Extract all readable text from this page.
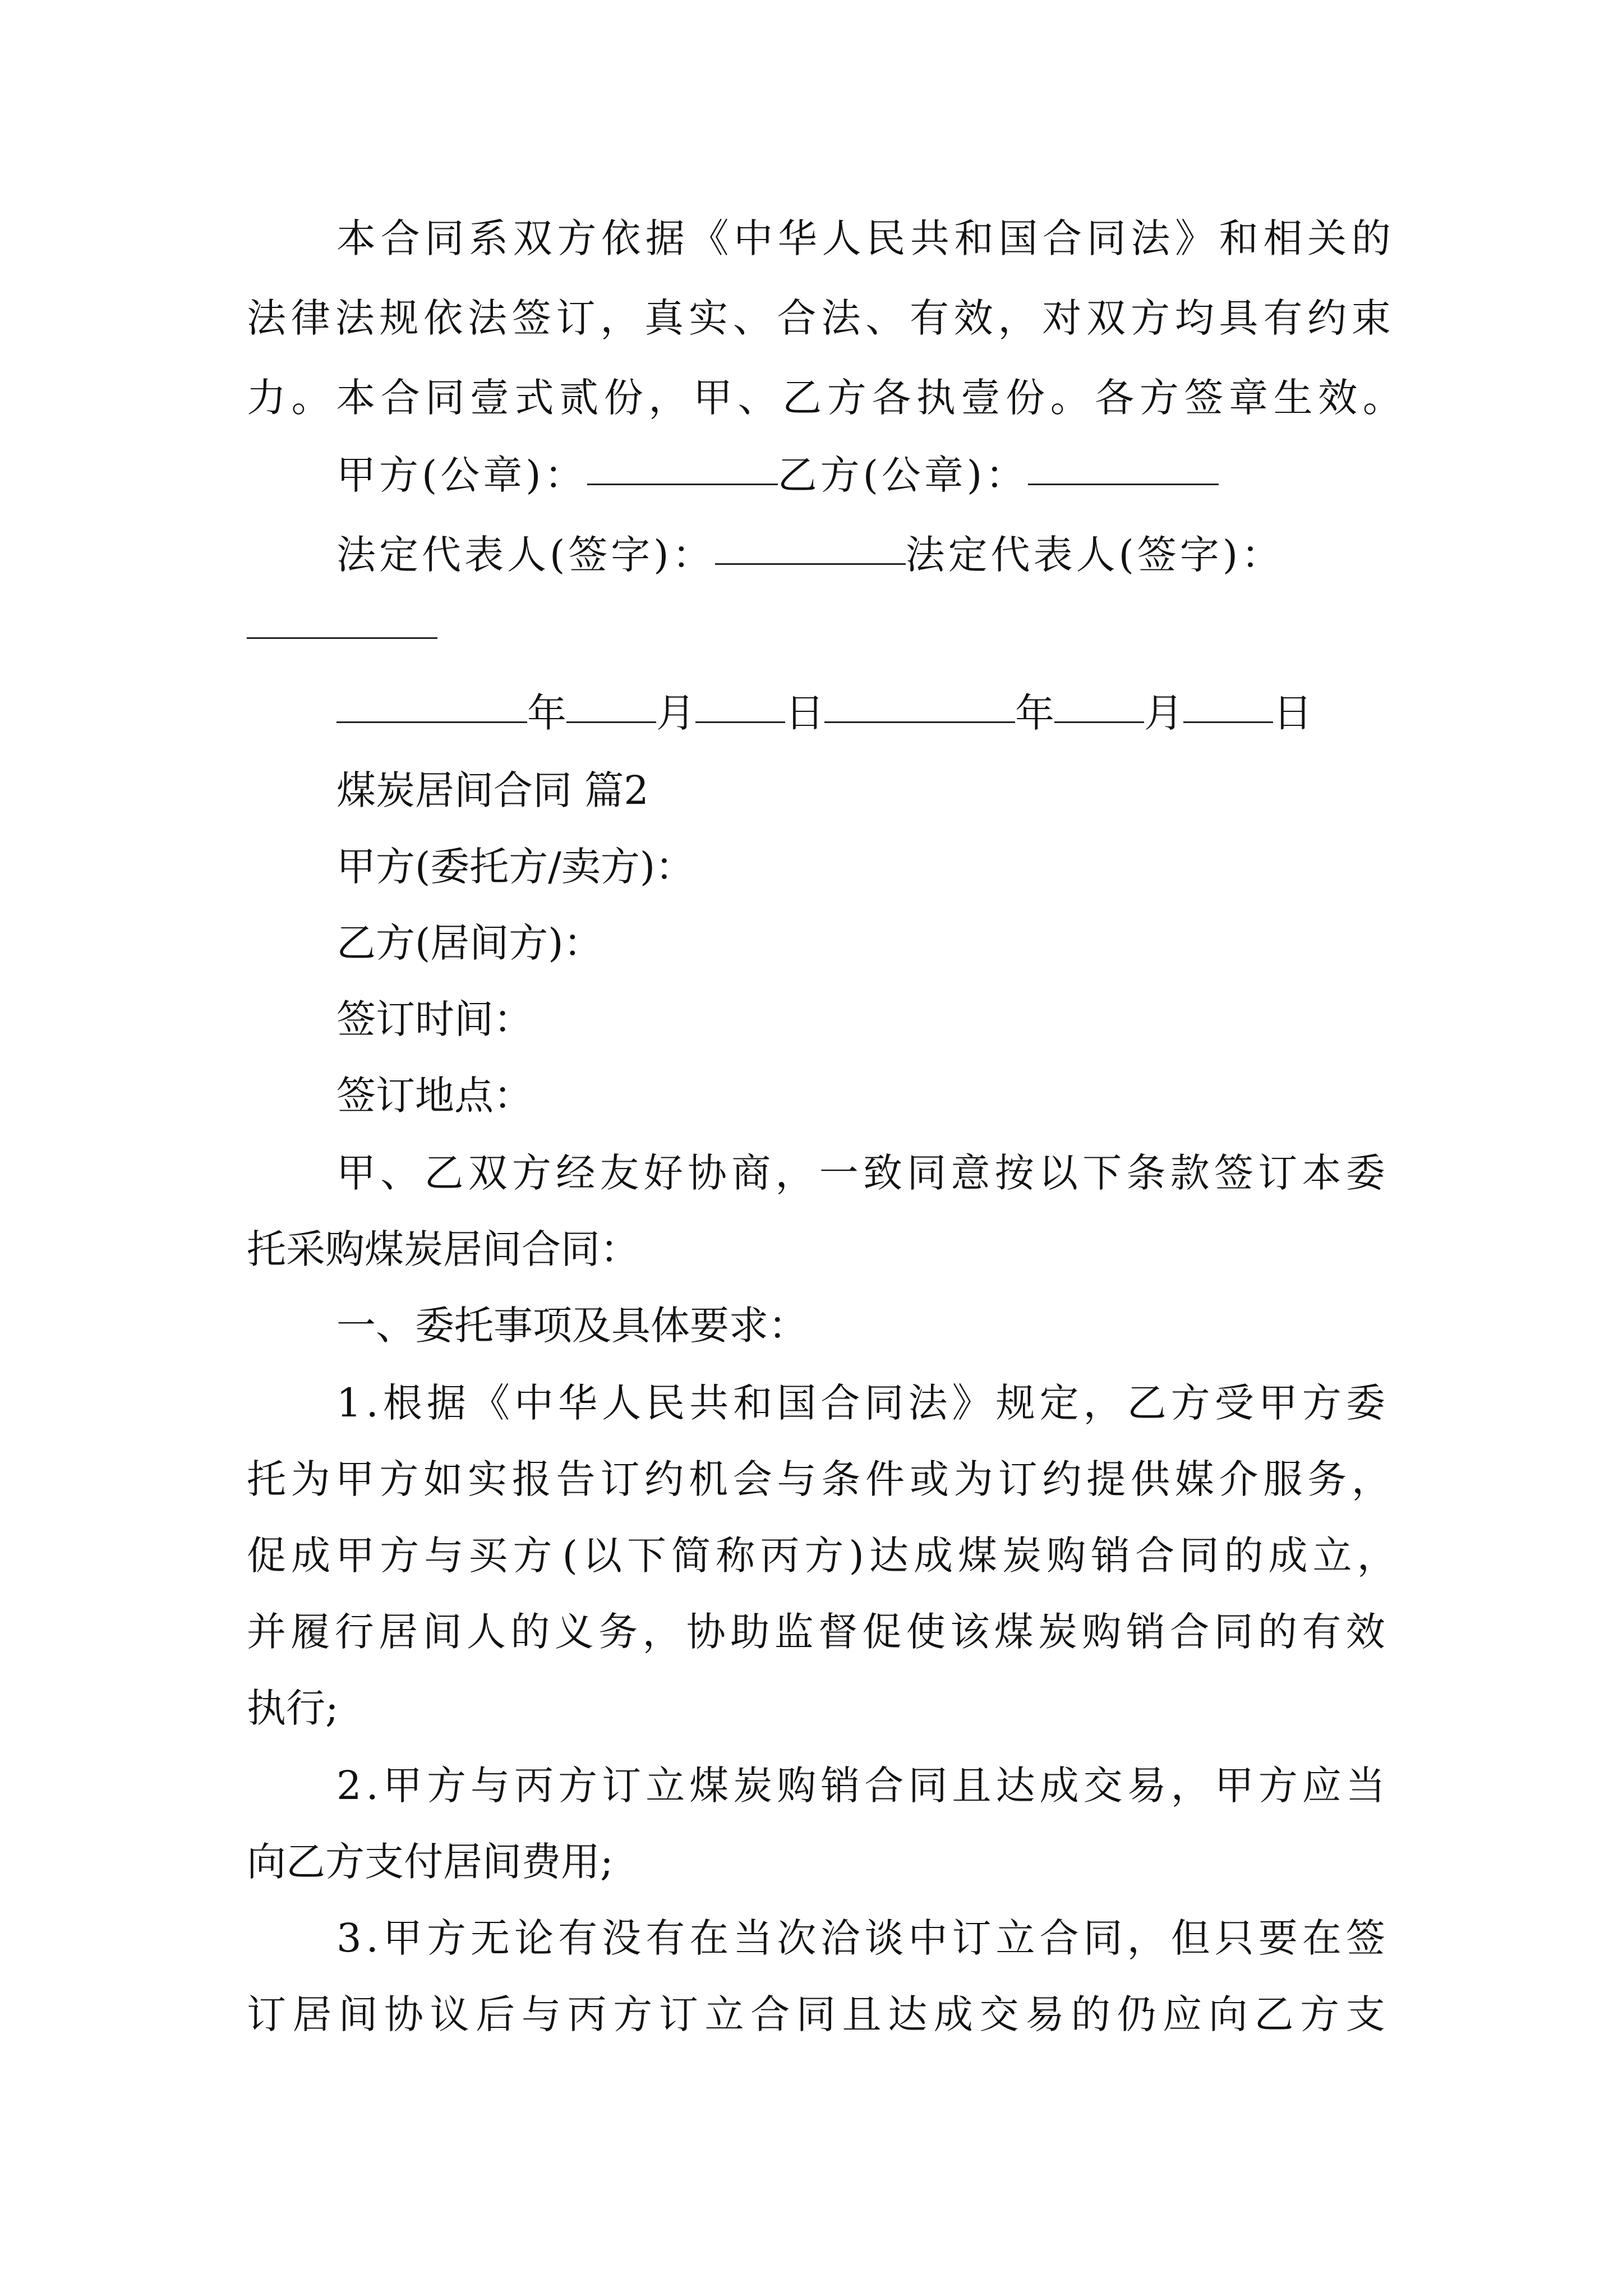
本 合 同 系 双 方 依 据 《 中 华 人 民 共 和 国 合 同 法 》 和 相 关 的
法 律 法 规 依 法 签 订 ， 真 实 、 合 法 、 有 效 ， 对 双 方 均 具 有 约 束
力 。 本 合 同 壹 式 贰 份 ， 甲 、 乙 方 各 执 壹 份 。 各 方 签 章 生 效 。
甲方(公章)：	乙方(公章)：
法定代表人(签字)：	法定代表人(签字)：
年 月 日	年 月 日
煤炭居间合同 篇2
甲方(委托方/卖方)：
乙方(居间方)：
签订时间：
签订地点：
甲 、 乙 双 方 经 友 好 协 商 ， 一 致 同 意 按 以 下 条 款 签 订 本 委
托采购煤炭居间合同：
一、委托事项及具体要求：
1 . 根 据 《 中 华 人 民 共 和 国 合 同 法 》 规 定 ， 乙 方 受 甲 方 委
托 为 甲 方 如 实 报 告 订 约 机 会 与 条 件 或 为 订 约 提 供 媒 介 服 务 ，
促 成 甲 方 与 买 方 ( 以 下 简 称 丙 方 ) 达 成 煤 炭 购 销 合 同 的 成 立 ，
并 履 行 居 间 人 的 义 务 ， 协 助 监 督 促 使 该 煤 炭 购 销 合 同 的 有 效
执行;
2 . 甲 方 与 丙 方 订 立 煤 炭 购 销 合 同 且 达 成 交 易 ， 甲 方 应 当
向乙方支付居间费用;
3 . 甲 方 无 论 有 没 有 在 当 次 洽 谈 中 订 立 合 同 ， 但 只 要 在 签
订 居 间 协 议 后 与 丙 方 订 立 合 同 且 达 成 交 易 的 仍 应 向 乙 方 支
